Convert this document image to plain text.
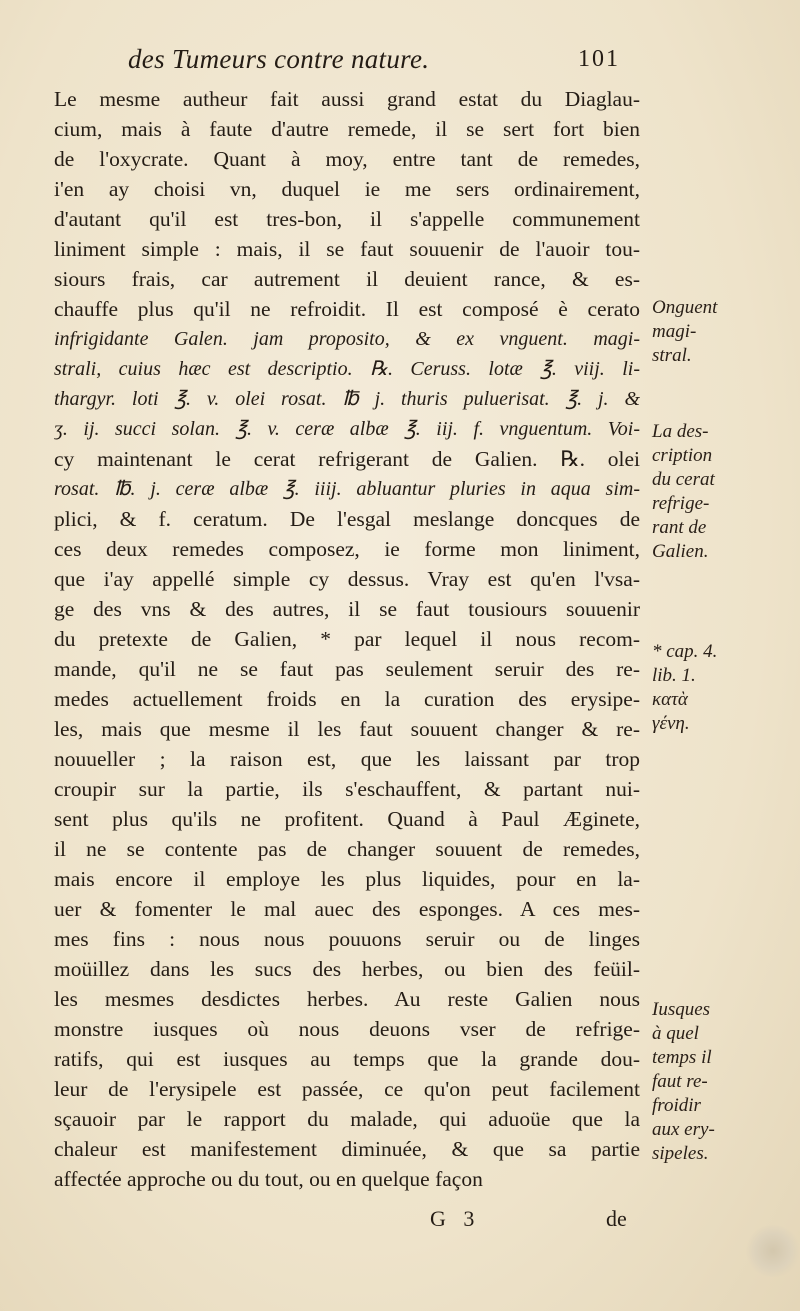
des Tumeurs contre nature.	101
Le mesme autheur fait aussi grand estat du Diaglau-
cium, mais à faute d'autre remede, il se sert fort bien
de l'oxycrate. Quant à moy, entre tant de remedes,
i'en ay choisi vn, duquel ie me sers ordinairement,
d'autant qu'il est tres-bon, il s'appelle communement
liniment simple : mais, il se faut souuenir de l'auoir tou-
siours frais, car autrement il deuient rance, & es-
chauffe plus qu'il ne refroidit. Il est composé è cerato
infrigidante Galen. jam proposito, & ex vnguent. magi-
strali, cuius hæc est descriptio. ℞. Ceruss. lotæ ℥. viij. li-
thargyr. loti ℥. v. olei rosat. ℔ j. thuris puluerisat. ℥. j. &
ʒ. ij. succi solan. ℥. v. ceræ albæ ℥. iij. f. vnguentum. Voi-
cy maintenant le cerat refrigerant de Galien. ℞. olei
rosat. ℔. j. ceræ albæ ℥. iiij. abluantur pluries in aqua sim-
plici, & f. ceratum. De l'esgal meslange doncques de
ces deux remedes composez, ie forme mon liniment,
que i'ay appellé simple cy dessus. Vray est qu'en l'vsa-
ge des vns & des autres, il se faut tousiours souuenir
du pretexte de Galien, * par lequel il nous recom-
mande, qu'il ne se faut pas seulement seruir des re-
medes actuellement froids en la curation des erysipe-
les, mais que mesme il les faut souuent changer & re-
nouueller ; la raison est, que les laissant par trop
croupir sur la partie, ils s'eschauffent, & partant nui-
sent plus qu'ils ne profitent. Quand à Paul Æginete,
il ne se contente pas de changer souuent de remedes,
mais encore il employe les plus liquides, pour en la-
uer & fomenter le mal auec des esponges. A ces mes-
mes fins : nous nous pouuons seruir ou de linges
moüillez dans les sucs des herbes, ou bien des feüil-
les mesmes desdictes herbes. Au reste Galien nous
monstre iusques où nous deuons vser de refrige-
ratifs, qui est iusques au temps que la grande dou-
leur de l'erysipele est passée, ce qu'on peut facilement
sçauoir par le rapport du malade, qui aduoüe que la
chaleur est manifestement diminuée, & que sa partie
affectée approche ou du tout, ou en quelque façon
Onguent
magi-
stral.
La des-
cription
du cerat
refrige-
rant de
Galien.
* cap. 4.
lib. 1.
κατὰ
γένη.
Iusques
à quel
temps il
faut re-
froidir
aux ery-
sipeles.
G 3	de
